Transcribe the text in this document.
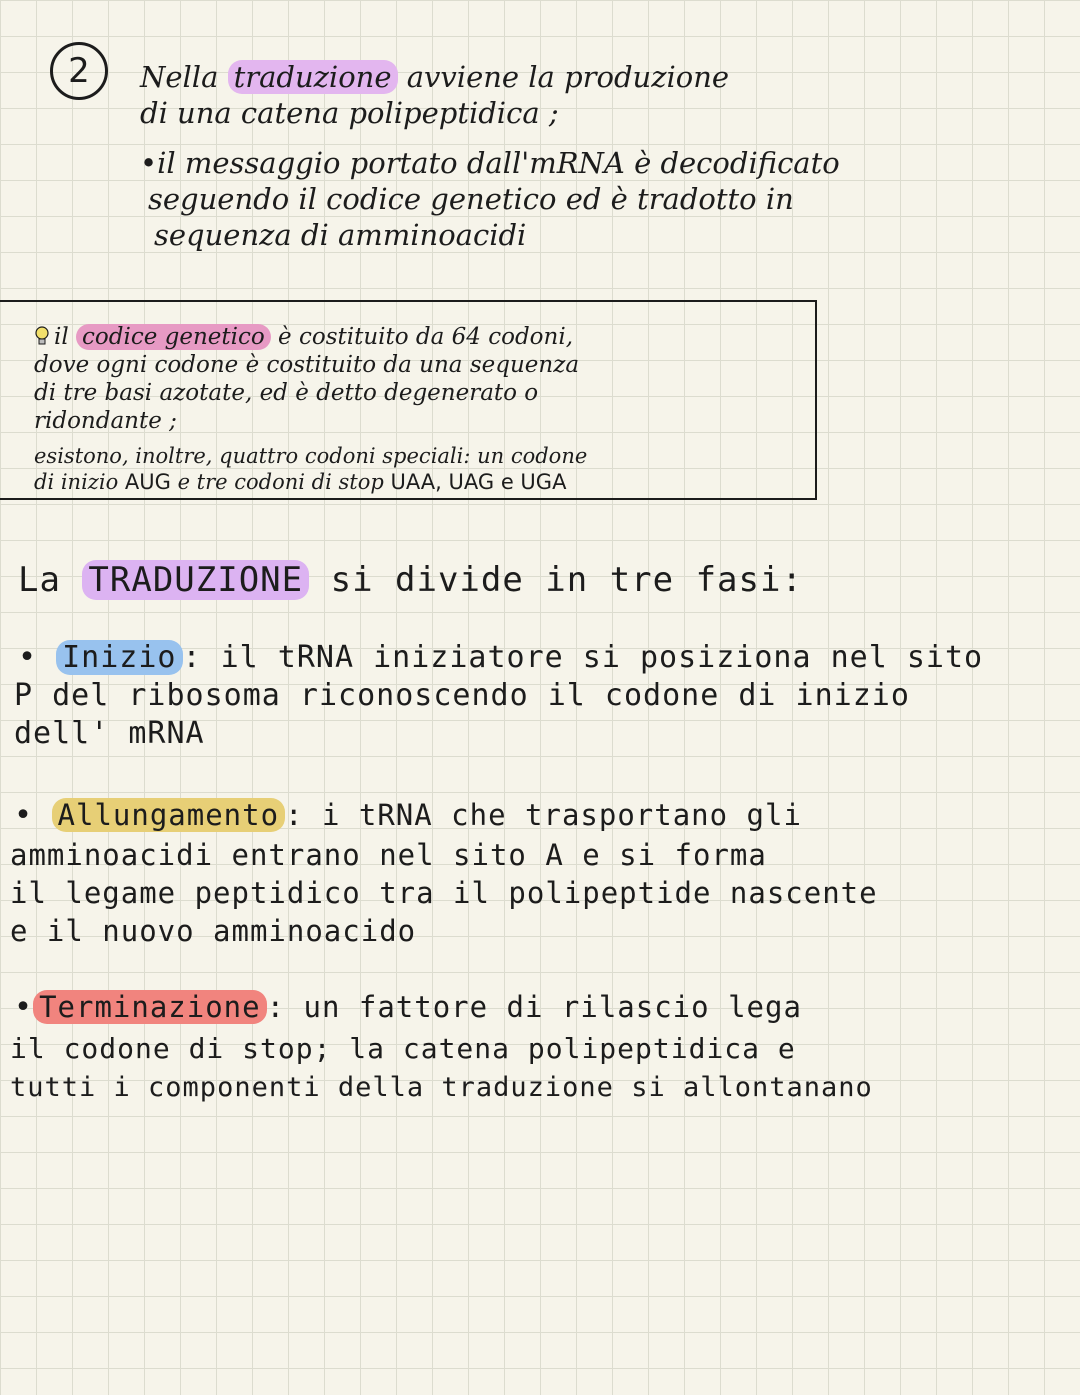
2	Nella traduzione avviene la produzione
di una catena polipeptidica ;
•il messaggio portato dall'mRNA è decodificato
seguendo il codice genetico ed è tradotto in
sequenza di amminoacidi
il codice genetico è costituito da 64 codoni,
dove ogni codone è costituito da una sequenza
di tre basi azotate, ed è detto degenerato o
ridondante ;
esistono, inoltre, quattro codoni speciali: un codone
di inizio AUG e tre codoni di stop UAA, UAG e UGA
La TRADUZIONE si divide in tre fasi:
• Inizio : il tRNA iniziatore si posiziona nel sito
P del ribosoma riconoscendo il codone di inizio
dell' mRNA
• Allungamento : i tRNA che trasportano gli
amminoacidi entrano nel sito A e si forma
il legame peptidico tra il polipeptide nascente
e il nuovo amminoacido
• Terminazione : un fattore di rilascio lega
il codone di stop; la catena polipeptidica e
tutti i componenti della traduzione si allontanano
